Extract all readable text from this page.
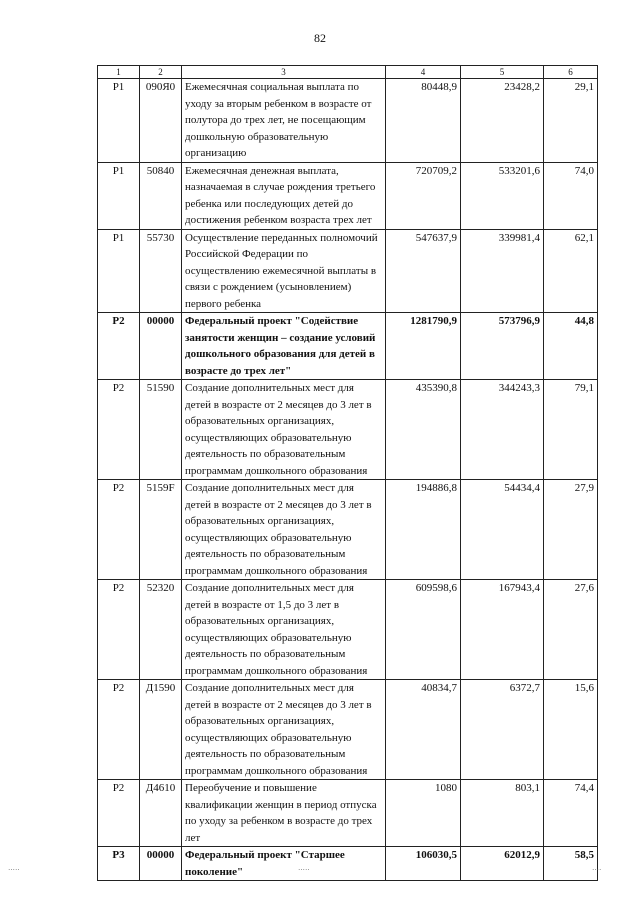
82
1	2	3	4	5	6
P1	090Я0	Ежемесячная социальная выплата по уходу за вторым ребенком в возрасте от полутора до трех лет, не посещающим дошкольную образовательную организацию	80448,9	23428,2	29,1
P1	50840	Ежемесячная денежная выплата, назначаемая в случае рождения третьего ребенка или последующих детей до достижения ребенком возраста трех лет	720709,2	533201,6	74,0
P1	55730	Осуществление переданных полномочий Российской Федерации по осуществлению ежемесячной выплаты в связи с рождением (усыновлением) первого ребенка	547637,9	339981,4	62,1
P2	00000	Федеральный проект "Содействие занятости женщин – создание условий дошкольного образования для детей в возрасте до трех лет"	1281790,9	573796,9	44,8
P2	51590	Создание дополнительных мест для детей в возрасте от 2 месяцев до 3 лет в образовательных организациях, осуществляющих образовательную деятельность по образовательным программам дошкольного образования	435390,8	344243,3	79,1
P2	5159F	Создание дополнительных мест для детей в возрасте от 2 месяцев до 3 лет в образовательных организациях, осуществляющих образовательную деятельность по образовательным программам дошкольного образования	194886,8	54434,4	27,9
P2	52320	Создание дополнительных мест для детей в возрасте от 1,5 до 3 лет в образовательных организациях, осуществляющих образовательную деятельность по образовательным программам дошкольного образования	609598,6	167943,4	27,6
P2	Д1590	Создание дополнительных мест для детей в возрасте от 2 месяцев до 3 лет в образовательных организациях, осуществляющих образовательную деятельность по образовательным программам дошкольного образования	40834,7	6372,7	15,6
P2	Д4610	Переобучение и повышение квалификации женщин в период отпуска по уходу за ребенком в возрасте до трех лет	1080	803,1	74,4
P3	00000	Федеральный проект "Старшее поколение"	106030,5	62012,9	58,5
·····	·····	····
